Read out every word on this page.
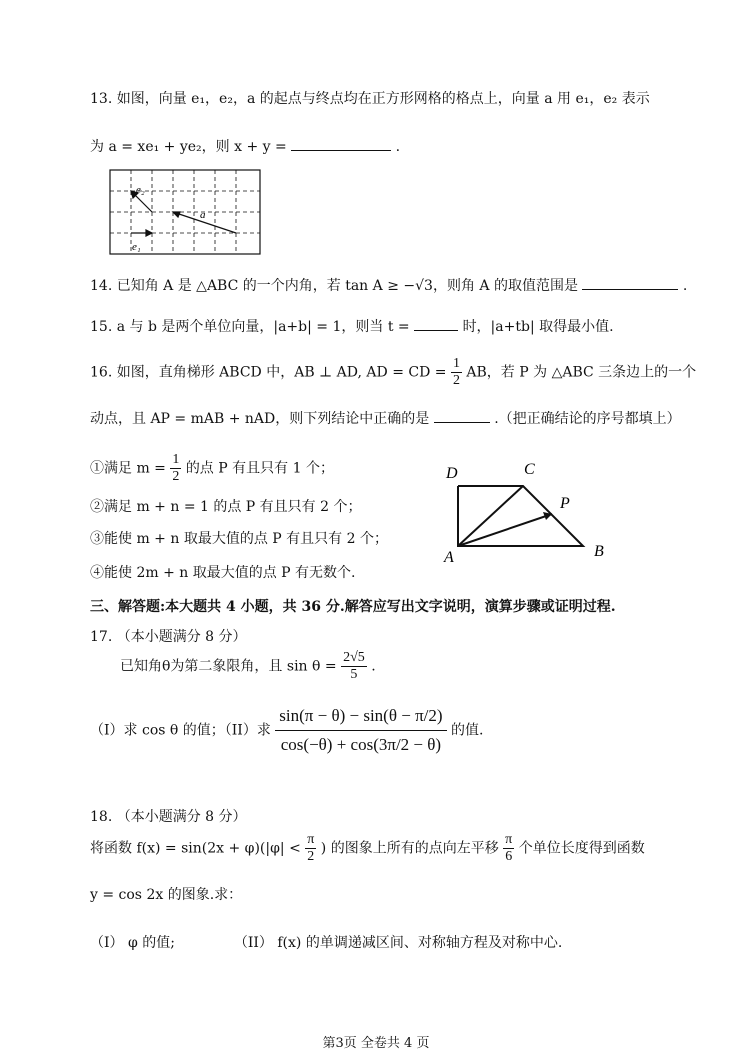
13. 如图，向量 e₁，e₂，a 的起点与终点均在正方形网格的格点上，向量 a 用 e₁，e₂ 表示
为 a = xe₁ + ye₂，则 x + y =	.
e₂
a
e₁
14. 已知角 A 是 △ABC 的一个内角，若 tan A ≥ −√3，则角 A 的取值范围是	.
15. a 与 b 是两个单位向量，|a+b| = 1，则当 t =	时，|a+tb| 取得最小值.
16. 如图，直角梯形 ABCD 中，AB ⊥ AD, AD = CD = $\frac{1}{2}$ AB，若 P 为 △ABC 三条边上的一个
动点，且 AP = mAB + nAD，则下列结论中正确的是	.（把正确结论的序号都填上）
①满足 $m = \frac{1}{2}$ 的点 P 有且只有 1 个；
②满足 m + n = 1 的点 P 有且只有 2 个；
③能使 m + n 取最大值的点 P 有且只有 2 个；
④能使 2m + n 取最大值的点 P 有无数个.
D	C
P
A	B
三、解答题:本大题共 4 小题，共 36 分.解答应写出文字说明，演算步骤或证明过程.
17. （本小题满分 8 分）
已知角θ为第二象限角，且 $\sin \theta = \frac{2√5}{5}$ .
（I）求 cos θ 的值；（II）求 $\frac{\sin(\pi - \theta) - \sin(\theta - \pi/2)}{\cos(-\theta) + \cos(3\pi/2 - \theta)}$ 的值.
18. （本小题满分 8 分）
将函数 $f(x) = \sin(2x + \varphi)(|\varphi| < \frac{\pi}{2}$ ) 的图象上所有的点向左平移 $\frac{\pi}{6}$ 个单位长度得到函数
y = cos 2x 的图象.求：
（I） φ 的值;	（II） f(x) 的单调递减区间、对称轴方程及对称中心.
第3页 全卷共 4 页
